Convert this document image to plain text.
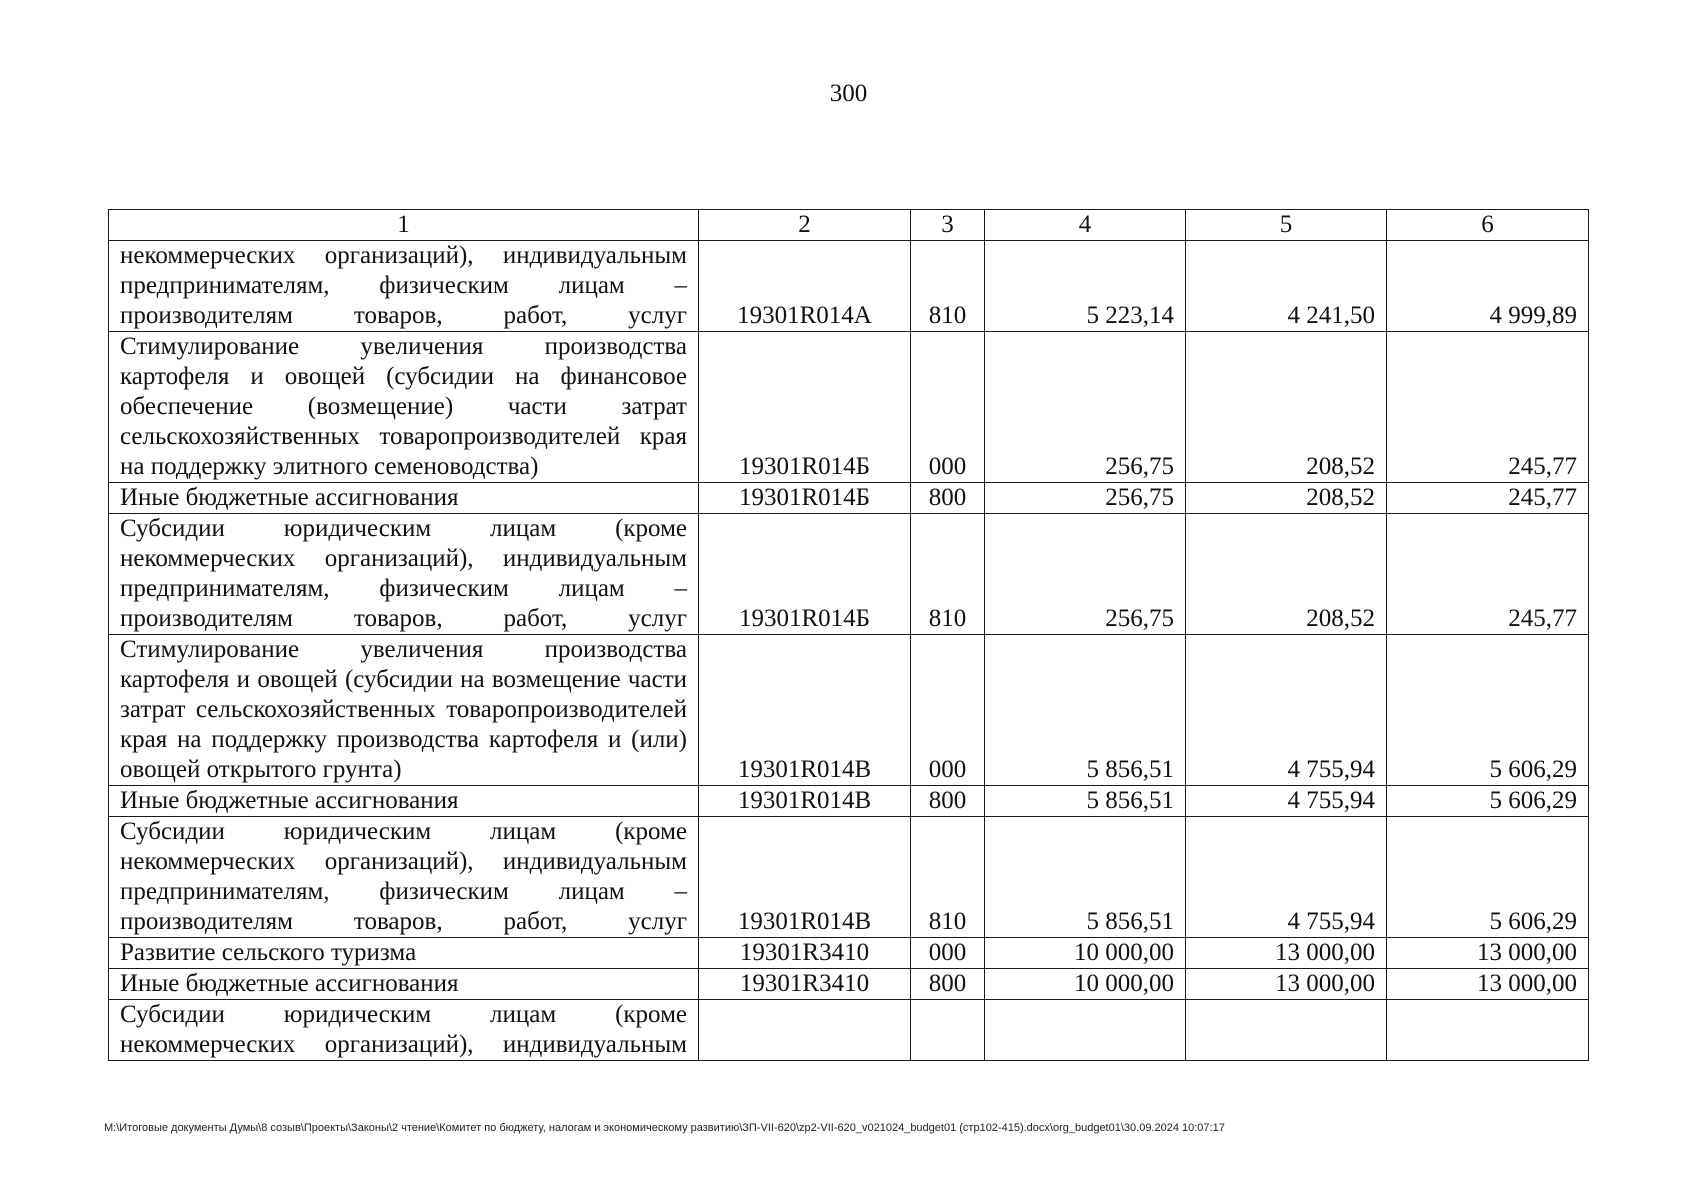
300
1	2	3	4	5	6
некоммерческих организаций), индивидуальным предпринимателям, физическим лицам – производителям товаров, работ, услуг	19301R014A	810	5 223,14	4 241,50	4 999,89
Стимулирование увеличения производства картофеля и овощей (субсидии на финансовое обеспечение (возмещение) части затрат сельскохозяйственных товаропроизводителей края на поддержку элитного семеноводства)	19301R014Б	000	256,75	208,52	245,77
Иные бюджетные ассигнования	19301R014Б	800	256,75	208,52	245,77
Субсидии юридическим лицам (кроме некоммерческих организаций), индивидуальным предпринимателям, физическим лицам – производителям товаров, работ, услуг	19301R014Б	810	256,75	208,52	245,77
Стимулирование увеличения производства картофеля и овощей (субсидии на возмещение части затрат сельскохозяйственных товаропроизводителей края на поддержку производства картофеля и (или) овощей открытого грунта)	19301R014В	000	5 856,51	4 755,94	5 606,29
Иные бюджетные ассигнования	19301R014В	800	5 856,51	4 755,94	5 606,29
Субсидии юридическим лицам (кроме некоммерческих организаций), индивидуальным предпринимателям, физическим лицам – производителям товаров, работ, услуг	19301R014В	810	5 856,51	4 755,94	5 606,29
Развитие сельского туризма	19301R3410	000	10 000,00	13 000,00	13 000,00
Иные бюджетные ассигнования	19301R3410	800	10 000,00	13 000,00	13 000,00
Субсидии юридическим лицам (кроме некоммерческих организаций), индивидуальным					
M:\Итоговые документы Думы\8 созыв\Проекты\Законы\2 чтение\Комитет по бюджету, налогам и экономическому развитию\ЗП-VII-620\zp2-VII-620_v021024_budget01 (стр102-415).docx\org_budget01\30.09.2024 10:07:17
